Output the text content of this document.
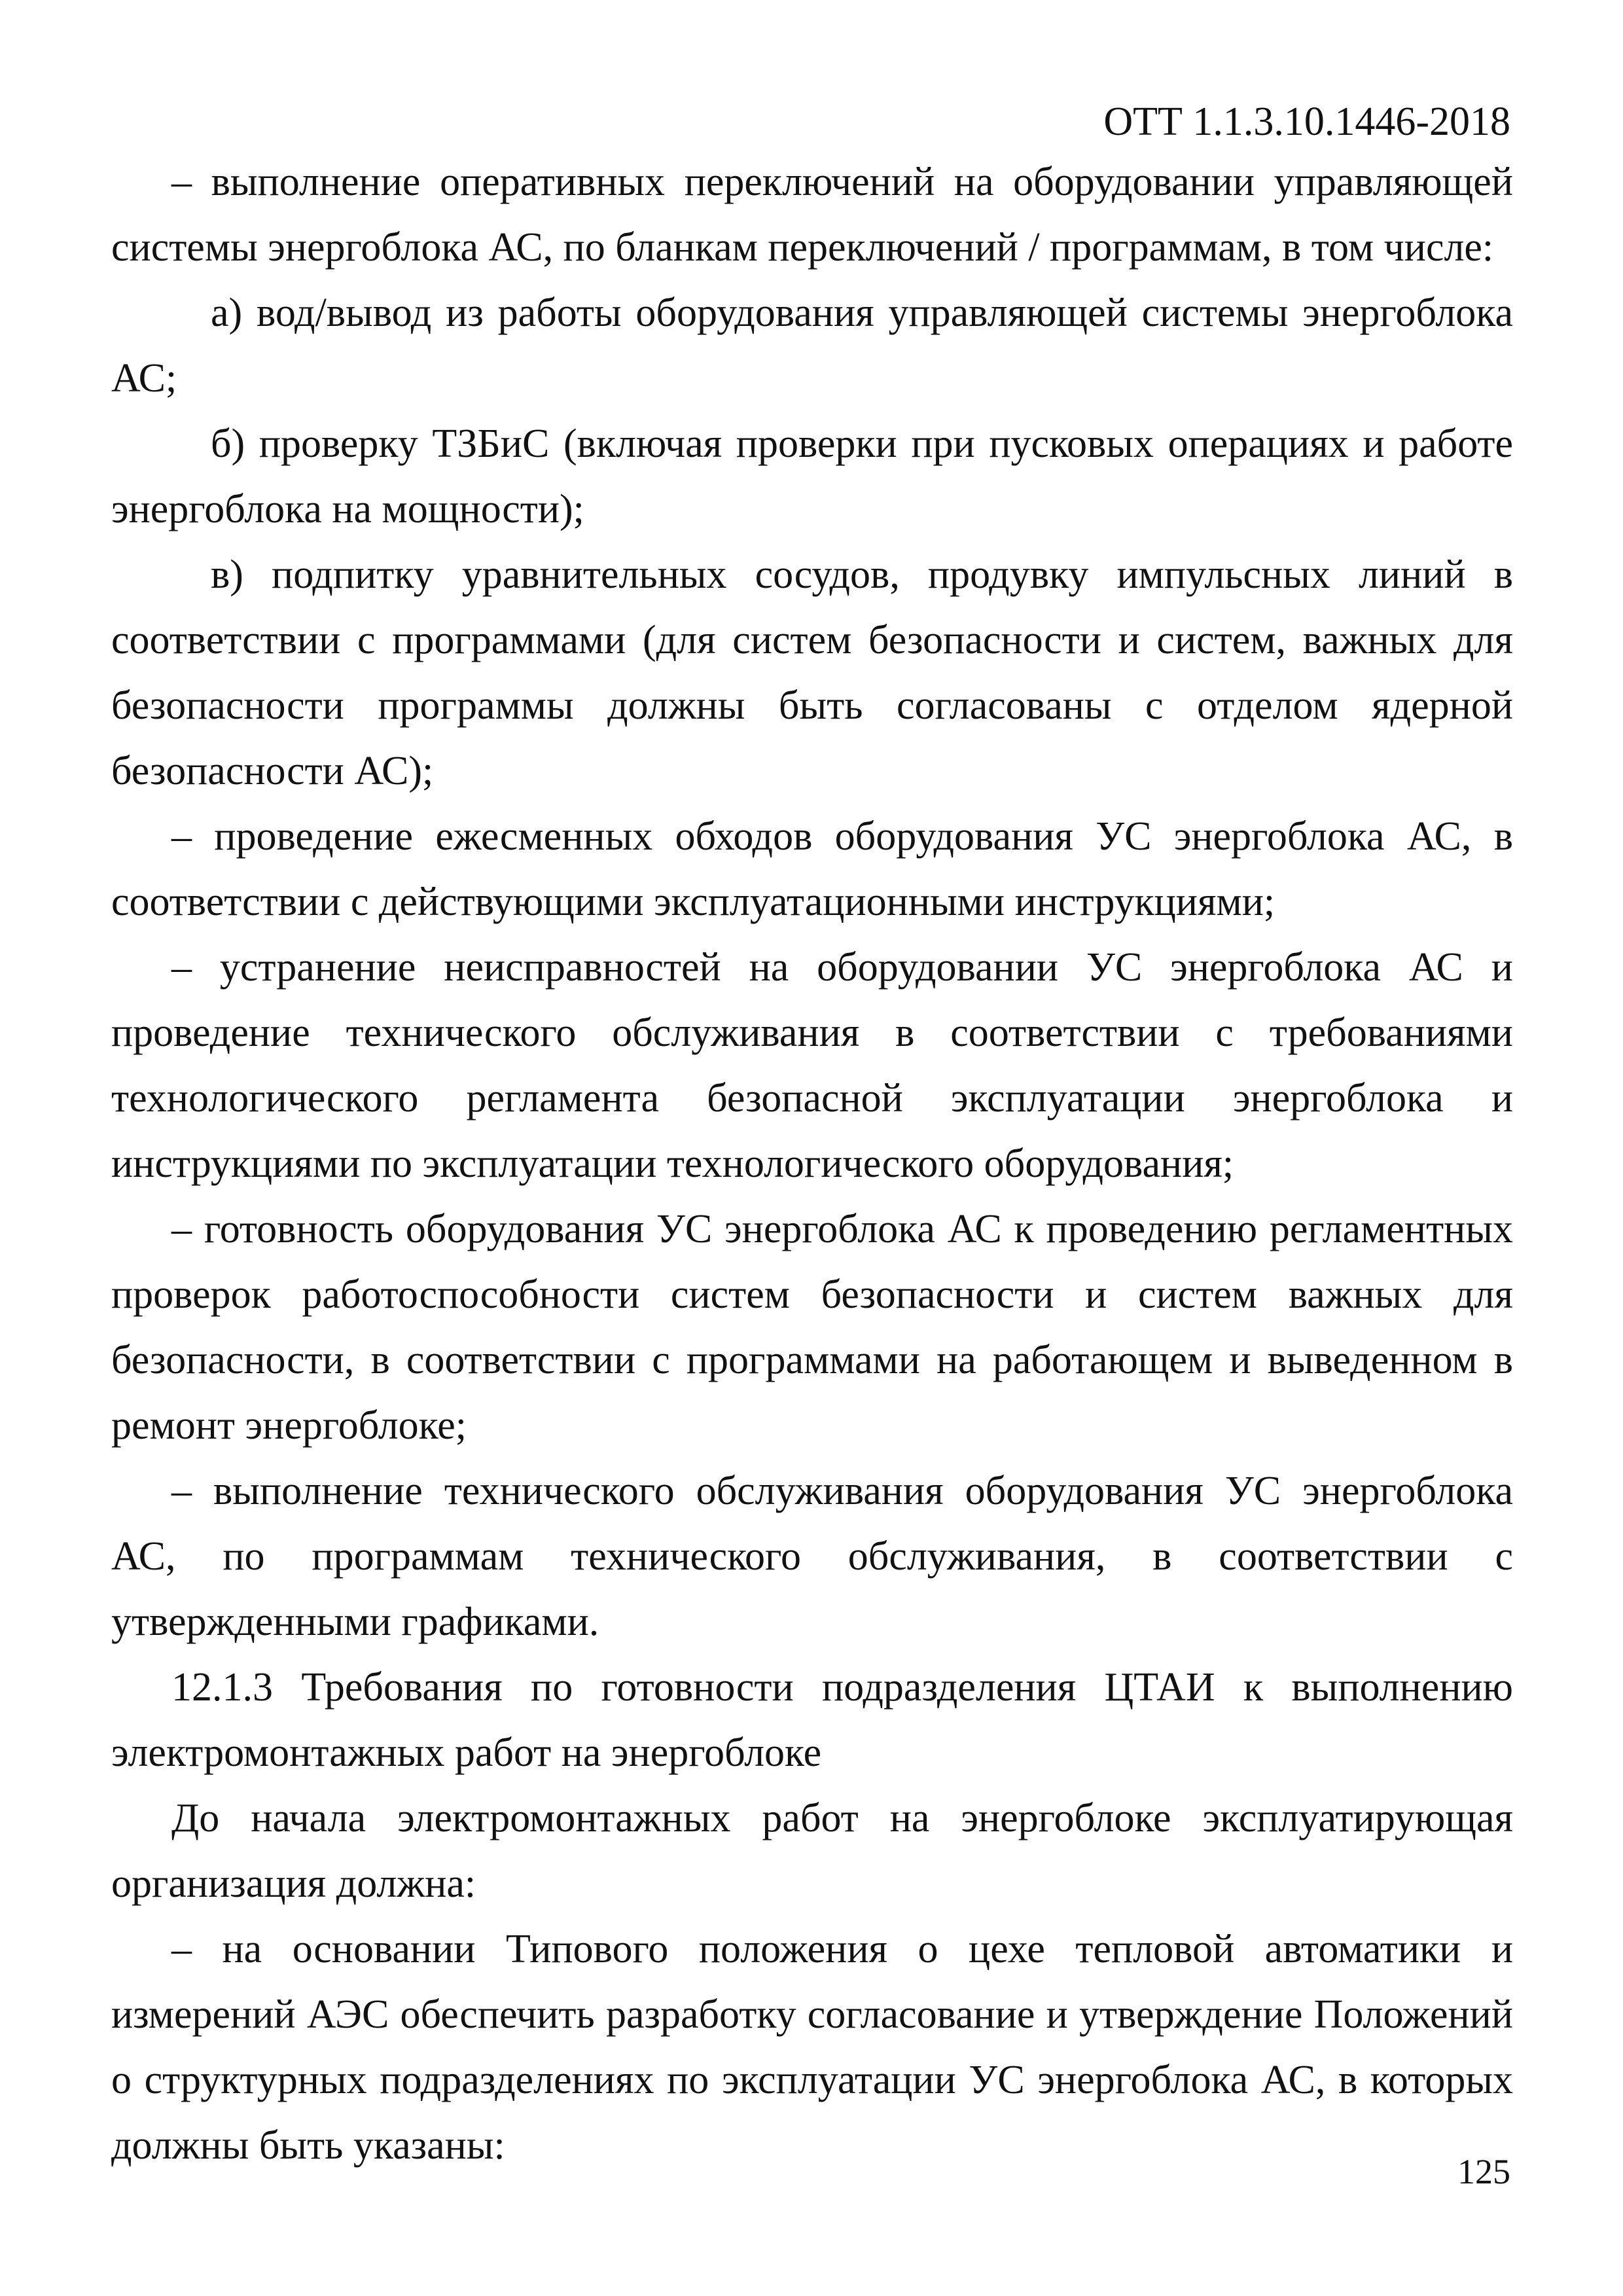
ОТТ 1.1.3.10.1446-2018

– выполнение оперативных переключений на оборудовании управляющей системы энергоблока АС, по бланкам переключений / программам, в том числе:

а) вод/вывод из работы оборудования управляющей системы энергоблока АС;

б) проверку ТЗБиС (включая проверки при пусковых операциях и работе энергоблока на мощности);

в) подпитку уравнительных сосудов, продувку импульсных линий в соответствии с программами (для систем безопасности и систем, важных для безопасности программы должны быть согласованы с отделом ядерной безопасности АС);

– проведение ежесменных обходов оборудования УС энергоблока АС, в соответствии с действующими эксплуатационными инструкциями;

– устранение неисправностей на оборудовании УС энергоблока АС и проведение технического обслуживания в соответствии с требованиями технологического регламента безопасной эксплуатации энергоблока и инструкциями по эксплуатации технологического оборудования;

– готовность оборудования УС энергоблока АС к проведению регламентных проверок работоспособности систем безопасности и систем важных для безопасности, в соответствии с программами на работающем и выведенном в ремонт энергоблоке;

– выполнение технического обслуживания оборудования УС энергоблока АС, по программам технического обслуживания, в соответствии с утвержденными графиками.

12.1.3 Требования по готовности подразделения ЦТАИ к выполнению электромонтажных работ на энергоблоке

До начала электромонтажных работ на энергоблоке эксплуатирующая организация должна:

– на основании Типового положения о цехе тепловой автоматики и измерений АЭС обеспечить разработку согласование и утверждение Положений о структурных подразделениях по эксплуатации УС энергоблока АС, в которых должны быть указаны:

125
